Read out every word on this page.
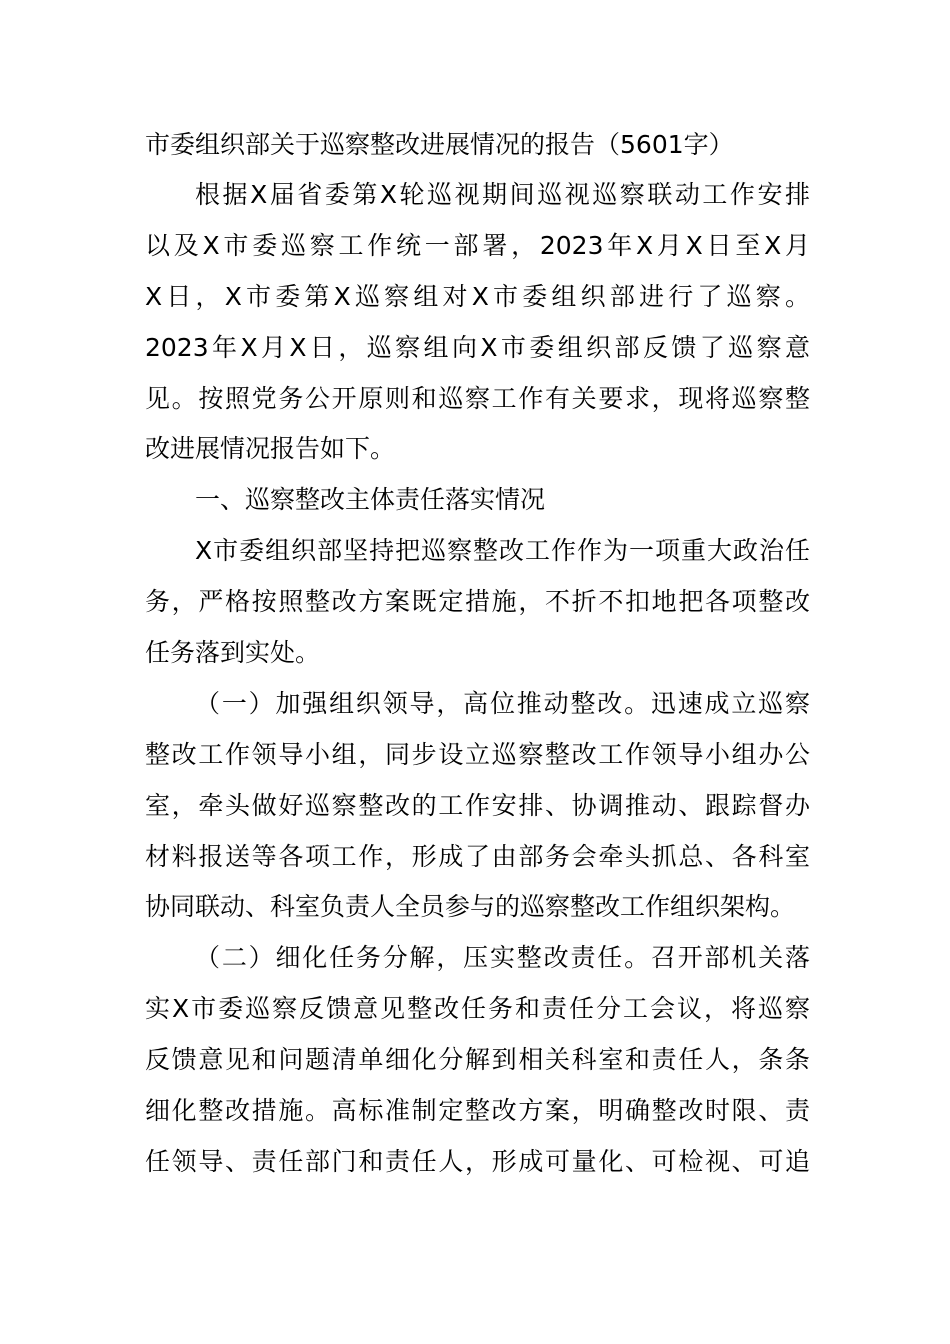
市委组织部关于巡察整改进展情况的报告（5601字）
根据X届省委第X轮巡视期间巡视巡察联动工作安排
以及X市委巡察工作统一部署，2023年X月X日至X月
X日，X市委第X巡察组对X市委组织部进行了巡察。
2023年X月X日，巡察组向X市委组织部反馈了巡察意
见。按照党务公开原则和巡察工作有关要求，现将巡察整
改进展情况报告如下。
一、巡察整改主体责任落实情况
X市委组织部坚持把巡察整改工作作为一项重大政治任
务，严格按照整改方案既定措施，不折不扣地把各项整改
任务落到实处。
（一）加强组织领导，高位推动整改。迅速成立巡察
整改工作领导小组，同步设立巡察整改工作领导小组办公
室，牵头做好巡察整改的工作安排、协调推动、跟踪督办
材料报送等各项工作，形成了由部务会牵头抓总、各科室
协同联动、科室负责人全员参与的巡察整改工作组织架构。
（二）细化任务分解，压实整改责任。召开部机关落
实X市委巡察反馈意见整改任务和责任分工会议，将巡察
反馈意见和问题清单细化分解到相关科室和责任人，条条
细化整改措施。高标准制定整改方案，明确整改时限、责
任领导、责任部门和责任人，形成可量化、可检视、可追
